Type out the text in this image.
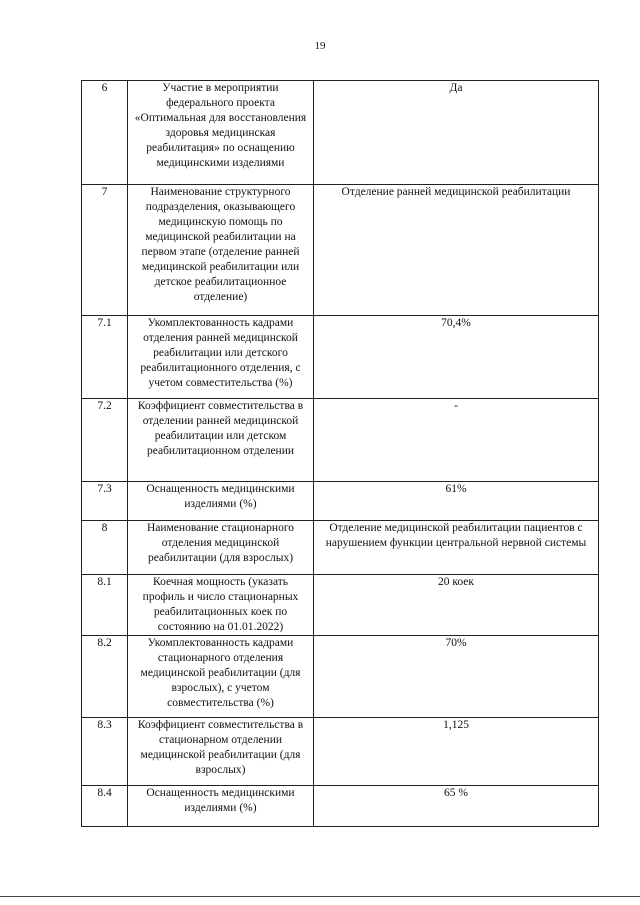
19
6	Участие в мероприятии федерального проекта «Оптимальная для восстановления здоровья медицинская реабилитация» по оснащению медицинскими изделиями	Да
7	Наименование структурного подразделения, оказывающего медицинскую помощь по медицинской реабилитации на первом этапе (отделение ранней медицинской реабилитации или детское реабилитационное отделение)	Отделение ранней медицинской реабилитации
7.1	Укомплектованность кадрами отделения ранней медицинской реабилитации или детского реабилитационного отделения, с учетом совместительства (%)	70,4%
7.2	Коэффициент совместительства в отделении ранней медицинской реабилитации или детском реабилитационном отделении	-
7.3	Оснащенность медицинскими изделиями (%)	61%
8	Наименование стационарного отделения медицинской реабилитации (для взрослых)	Отделение медицинской реабилитации пациентов с нарушением функции центральной нервной системы
8.1	Коечная мощность (указать профиль и число стационарных реабилитационных коек по состоянию на 01.01.2022)	20 коек
8.2	Укомплектованность кадрами стационарного отделения медицинской реабилитации (для взрослых), с учетом совместительства (%)	70%
8.3	Коэффициент совместительства в стационарном отделении медицинской реабилитации (для взрослых)	1,125
8.4	Оснащенность медицинскими изделиями (%)	65 %
